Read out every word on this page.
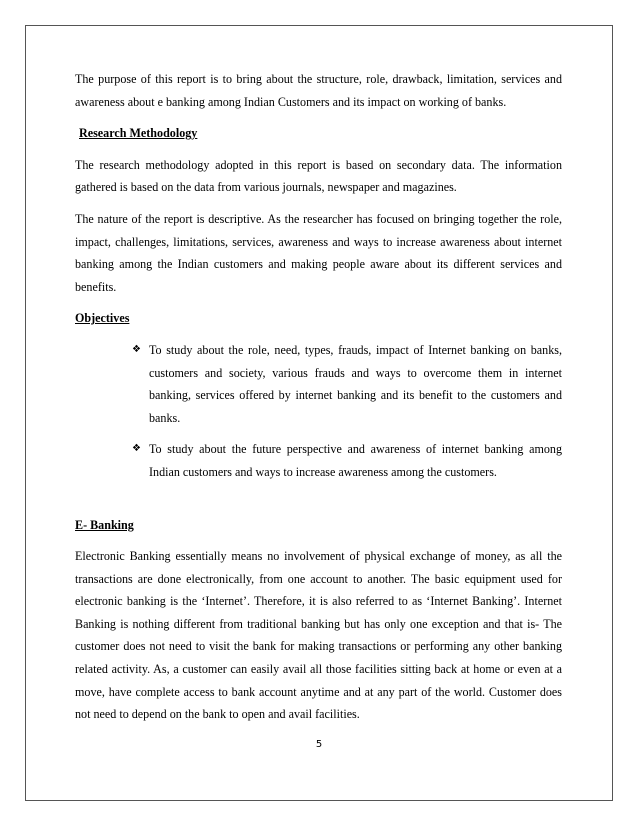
The purpose of this report is to bring about the structure, role, drawback, limitation, services and awareness about e banking among Indian Customers and its impact on working of banks.

Research Methodology

The research methodology adopted in this report is based on secondary data. The information gathered is based on the data from various journals, newspaper and magazines.

The nature of the report is descriptive. As the researcher has focused on bringing together the role, impact, challenges, limitations, services, awareness and ways to increase awareness about internet banking among the Indian customers and making people aware about its different services and benefits.

Objectives

❖ To study about the role, need, types, frauds, impact of Internet banking on banks, customers and society, various frauds and ways to overcome them in internet banking, services offered by internet banking and its benefit to the customers and banks.

❖ To study about the future perspective and awareness of internet banking among Indian customers and ways to increase awareness among the customers.

E- Banking

Electronic Banking essentially means no involvement of physical exchange of money, as all the transactions are done electronically, from one account to another. The basic equipment used for electronic banking is the ‘Internet’. Therefore, it is also referred to as ‘Internet Banking’. Internet Banking is nothing different from traditional banking but has only one exception and that is- The customer does not need to visit the bank for making transactions or performing any other banking related activity. As, a customer can easily avail all those facilities sitting back at home or even at a move, have complete access to bank account anytime and at any part of the world. Customer does not need to depend on the bank to open and avail facilities.

5
